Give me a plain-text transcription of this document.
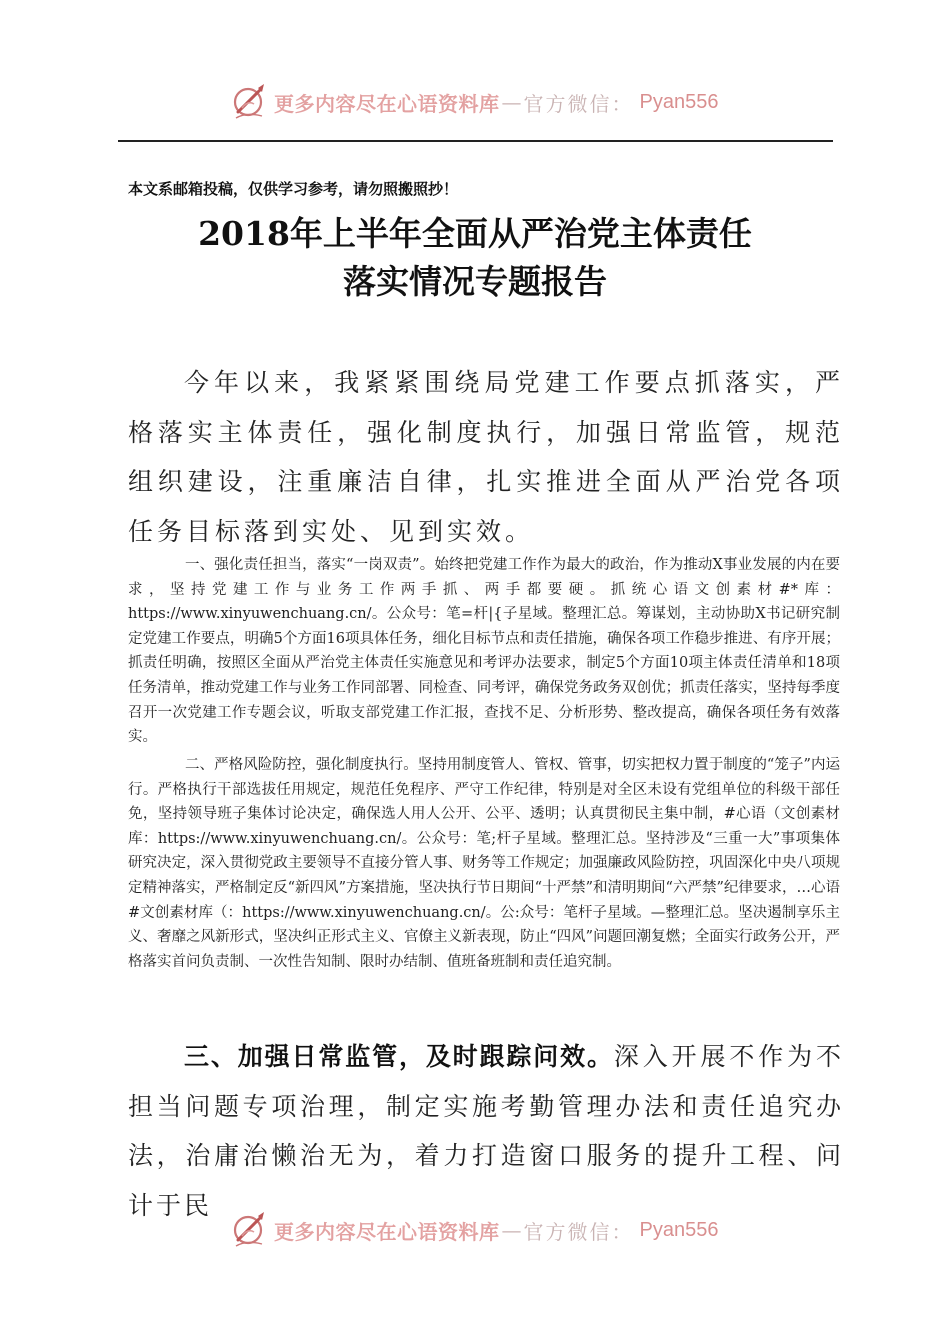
更多内容尽在心语资料库 — 官方微信： Pyan556
本文系邮箱投稿，仅供学习参考，请勿照搬照抄！
2018年上半年全面从严治党主体责任
落实情况专题报告

今年以来，我紧紧围绕局党建工作要点抓落实，严格落实主体责任，强化制度执行，加强日常监管，规范组织建设，注重廉洁自律，扎实推进全面从严治党各项任务目标落到实处、见到实效。

一、强化责任担当，落实“一岗双责”。始终把党建工作作为最大的政治，作为推动X事业发展的内在要求，坚持党建工作与业务工作两手抓、两手都要硬。抓统心语文创素材#*库：https://www.xinyuwenchuang.cn/。公众号：笔=杆|{子星域。整理汇总。筹谋划，主动协助X书记研究制定党建工作要点，明确5个方面16项具体任务，细化目标节点和责任措施，确保各项工作稳步推进、有序开展；抓责任明确，按照区全面从严治党主体责任实施意见和考评办法要求，制定5个方面10项主体责任清单和18项任务清单，推动党建工作与业务工作同部署、同检查、同考评，确保党务政务双创优；抓责任落实，坚持每季度召开一次党建工作专题会议，听取支部党建工作汇报，查找不足、分析形势、整改提高，确保各项任务有效落实。

二、严格风险防控，强化制度执行。坚持用制度管人、管权、管事，切实把权力置于制度的“笼子”内运行。严格执行干部选拔任用规定，规范任免程序、严守工作纪律，特别是对全区未设有党组单位的科级干部任免，坚持领导班子集体讨论决定，确保选人用人公开、公平、透明；认真贯彻民主集中制，#心语（文创素材库：https://www.xinyuwenchuang.cn/。公众号：笔;杆子星域。整理汇总。坚持涉及“三重一大”事项集体研究决定，深入贯彻党政主要领导不直接分管人事、财务等工作规定；加强廉政风险防控，巩固深化中央八项规定精神落实，严格制定反“新四风”方案措施，坚决执行节日期间“十严禁”和清明期间“六严禁”纪律要求，…心语#文创素材库（：https://www.xinyuwenchuang.cn/。公:众号：笔杆子星域。—整理汇总。坚决遏制享乐主义、奢靡之风新形式，坚决纠正形式主义、官僚主义新表现，防止“四风”问题回潮复燃；全面实行政务公开，严格落实首问负责制、一次性告知制、限时办结制、值班备班制和责任追究制。

三、加强日常监管，及时跟踪问效。深入开展不作为不担当问题专项治理，制定实施考勤管理办法和责任追究办法，治庸治懒治无为，着力打造窗口服务的提升工程、问计于民

更多内容尽在心语资料库 — 官方微信： Pyan556
